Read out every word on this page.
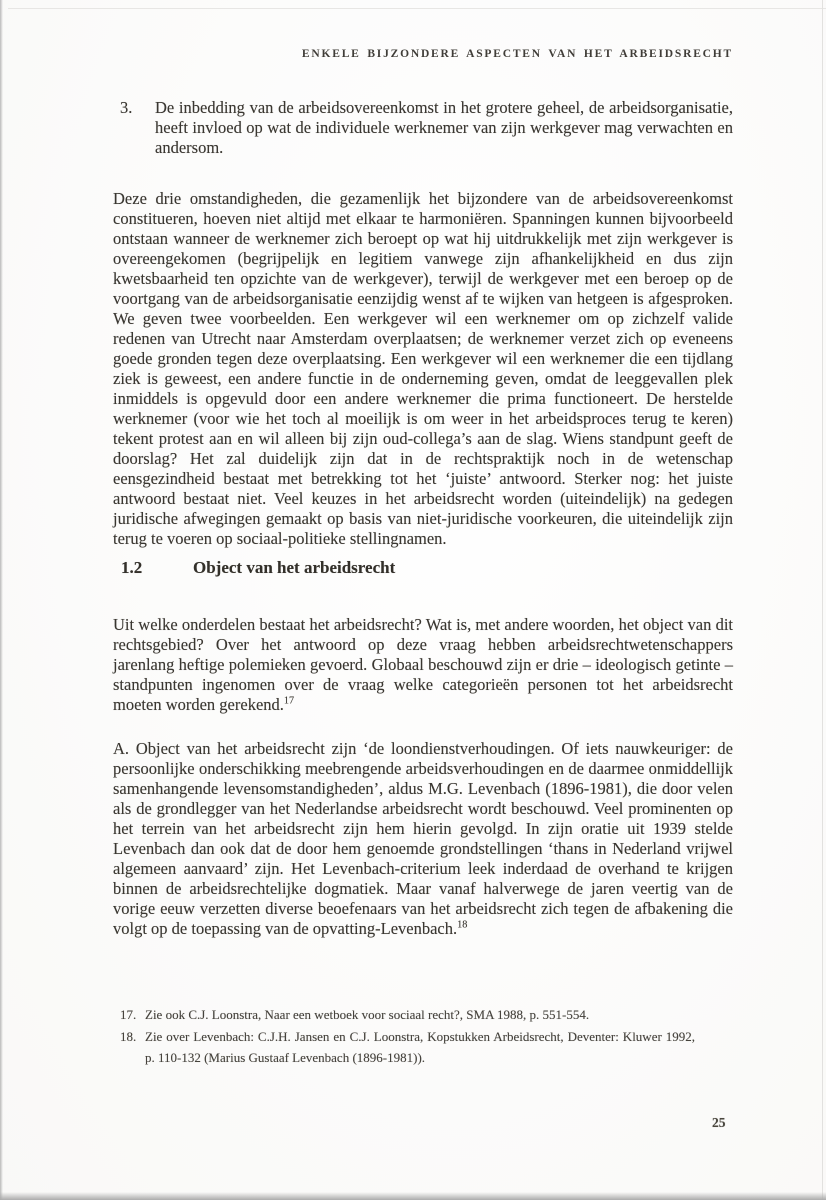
ENKELE BIJZONDERE ASPECTEN VAN HET ARBEIDSRECHT
3.	De inbedding van de arbeidsovereenkomst in het grotere geheel, de arbeidsorganisatie, heeft invloed op wat de individuele werknemer van zijn werkgever mag verwachten en andersom.

Deze drie omstandigheden, die gezamenlijk het bijzondere van de arbeidsovereenkomst constitueren, hoeven niet altijd met elkaar te harmoniëren. Spanningen kunnen bijvoorbeeld ontstaan wanneer de werknemer zich beroept op wat hij uitdrukkelijk met zijn werkgever is overeengekomen (begrijpelijk en legitiem vanwege zijn afhankelijkheid en dus zijn kwetsbaarheid ten opzichte van de werkgever), terwijl de werkgever met een beroep op de voortgang van de arbeidsorganisatie eenzijdig wenst af te wijken van hetgeen is afgesproken. We geven twee voorbeelden. Een werkgever wil een werknemer om op zichzelf valide redenen van Utrecht naar Amsterdam overplaatsen; de werknemer verzet zich op eveneens goede gronden tegen deze overplaatsing. Een werkgever wil een werknemer die een tijdlang ziek is geweest, een andere functie in de onderneming geven, omdat de leeggevallen plek inmiddels is opgevuld door een andere werknemer die prima functioneert. De herstelde werknemer (voor wie het toch al moeilijk is om weer in het arbeidsproces terug te keren) tekent protest aan en wil alleen bij zijn oud-collega’s aan de slag. Wiens standpunt geeft de doorslag? Het zal duidelijk zijn dat in de rechtspraktijk noch in de wetenschap eensgezindheid bestaat met betrekking tot het ‘juiste’ antwoord. Sterker nog: het juiste antwoord bestaat niet. Veel keuzes in het arbeidsrecht worden (uiteindelijk) na gedegen juridische afwegingen gemaakt op basis van niet-juridische voorkeuren, die uiteindelijk zijn terug te voeren op sociaal-politieke stellingnamen.

1.2	Object van het arbeidsrecht

Uit welke onderdelen bestaat het arbeidsrecht? Wat is, met andere woorden, het object van dit rechtsgebied? Over het antwoord op deze vraag hebben arbeidsrechtwetenschappers jarenlang heftige polemieken gevoerd. Globaal beschouwd zijn er drie – ideologisch getinte – standpunten ingenomen over de vraag welke categorieën personen tot het arbeidsrecht moeten worden gerekend.$^{17}$

A. Object van het arbeidsrecht zijn ‘de loondienstverhoudingen. Of iets nauwkeuriger: de persoonlijke onderschikking meebrengende arbeidsverhoudingen en de daarmee onmiddellijk samenhangende levensomstandigheden’, aldus M.G. Levenbach (1896-1981), die door velen als de grondlegger van het Nederlandse arbeidsrecht wordt beschouwd. Veel prominenten op het terrein van het arbeidsrecht zijn hem hierin gevolgd. In zijn oratie uit 1939 stelde Levenbach dan ook dat de door hem genoemde grondstellingen ‘thans in Nederland vrijwel algemeen aanvaard’ zijn. Het Levenbach-criterium leek inderdaad de overhand te krijgen binnen de arbeidsrechtelijke dogmatiek. Maar vanaf halverwege de jaren veertig van de vorige eeuw verzetten diverse beoefenaars van het arbeidsrecht zich tegen de afbakening die volgt op de toepassing van de opvatting-Levenbach.$^{18}$

17. Zie ook C.J. Loonstra, Naar een wetboek voor sociaal recht?, SMA 1988, p. 551-554.
18. Zie over Levenbach: C.J.H. Jansen en C.J. Loonstra, Kopstukken Arbeidsrecht, Deventer: Kluwer 1992, p. 110-132 (Marius Gustaaf Levenbach (1896-1981)).
25
